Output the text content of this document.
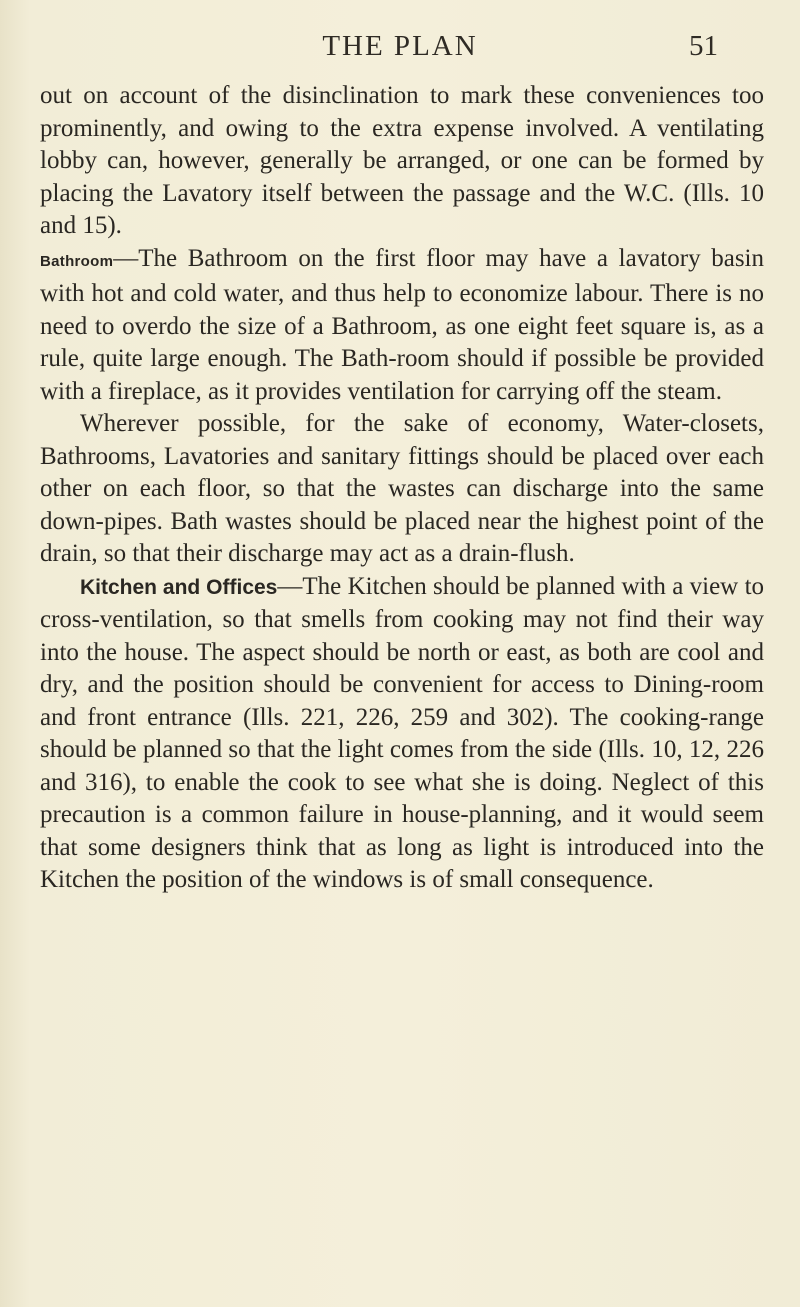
THE PLAN	51

out on account of the disinclination to mark these conveniences too prominently, and owing to the extra expense involved. A ventilating lobby can, however, generally be arranged, or one can be formed by placing the Lavatory itself between the passage and the W.C. (Ills. 10 and 15).

Bathroom—The Bathroom on the first floor may have a lavatory basin with hot and cold water, and thus help to economize labour. There is no need to overdo the size of a Bathroom, as one eight feet square is, as a rule, quite large enough. The Bath-room should if possible be provided with a fireplace, as it provides ventilation for carrying off the steam.

Wherever possible, for the sake of economy, Water-closets, Bathrooms, Lavatories and sanitary fittings should be placed over each other on each floor, so that the wastes can discharge into the same down-pipes. Bath wastes should be placed near the highest point of the drain, so that their discharge may act as a drain-flush.

Kitchen and Offices—The Kitchen should be planned with a view to cross-ventilation, so that smells from cooking may not find their way into the house. The aspect should be north or east, as both are cool and dry, and the position should be convenient for access to Dining-room and front entrance (Ills. 221, 226, 259 and 302). The cooking-range should be planned so that the light comes from the side (Ills. 10, 12, 226 and 316), to enable the cook to see what she is doing. Neglect of this precaution is a common failure in house-planning, and it would seem that some designers think that as long as light is introduced into the Kitchen the position of the windows is of small consequence.
